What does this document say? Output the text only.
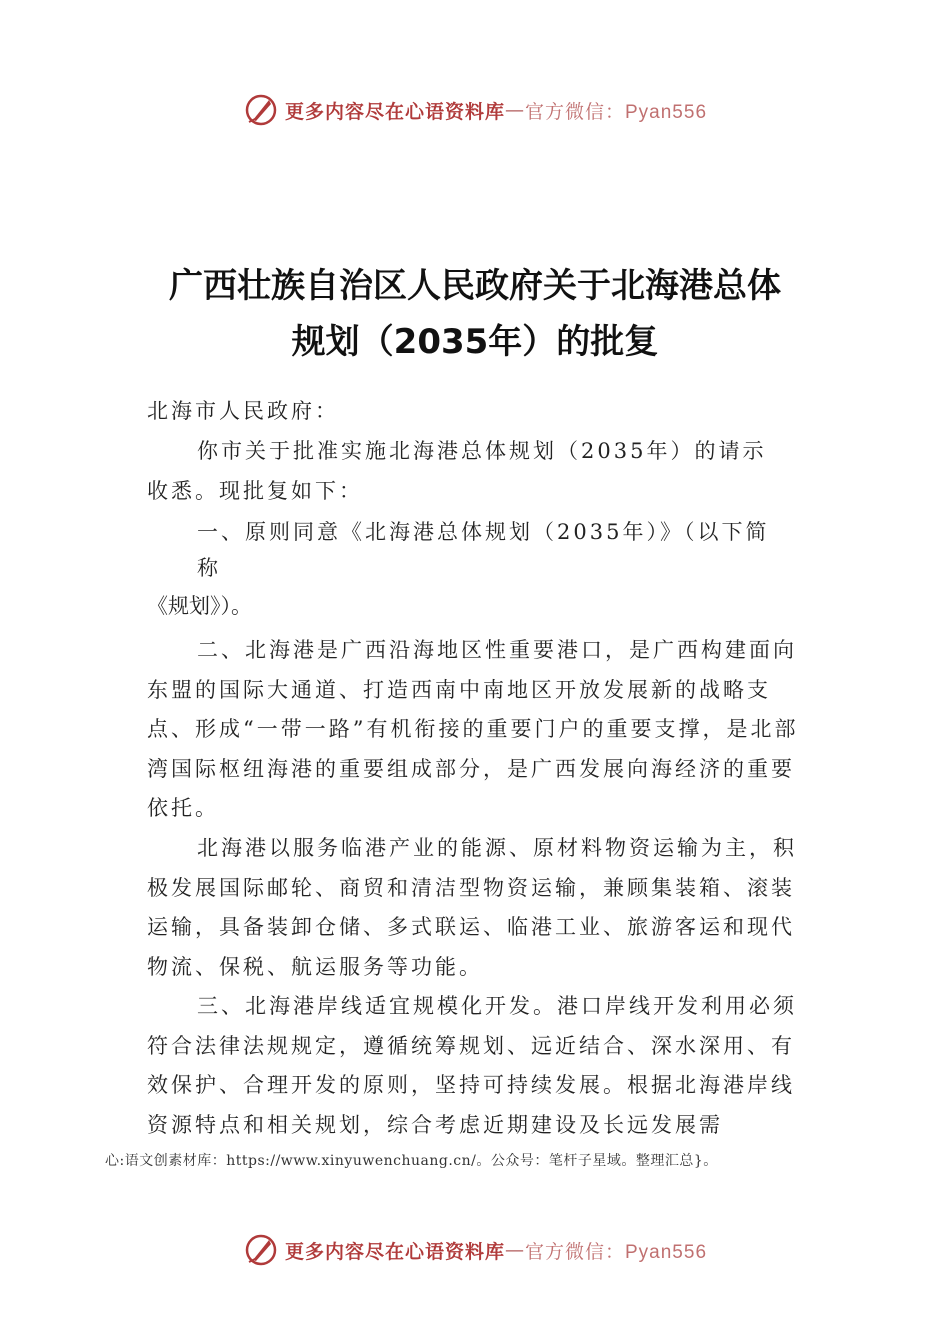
更多内容尽在心语资料库 — 官方微信：Pyan556
广西壮族自治区人民政府关于北海港总体
规划（2035年）的批复

北海市人民政府：

你市关于批准实施北海港总体规划（2035年）的请示

收悉。现批复如下：

一、原则同意《北海港总体规划（2035年）》（以下简

称

《规划》）。

二、北海港是广西沿海地区性重要港口，是广西构建面向东盟的国际大通道、打造西南中南地区开放发展新的战略支点、形成“一带一路”有机衔接的重要门户的重要支撑，是北部湾国际枢纽海港的重要组成部分，是广西发展向海经济的重要依托。

北海港以服务临港产业的能源、原材料物资运输为主，积极发展国际邮轮、商贸和清洁型物资运输，兼顾集装箱、滚装运输，具备装卸仓储、多式联运、临港工业、旅游客运和现代物流、保税、航运服务等功能。

三、北海港岸线适宜规模化开发。港口岸线开发利用必须符合法律法规规定，遵循统筹规划、远近结合、深水深用、有效保护、合理开发的原则，坚持可持续发展。根据北海港岸线资源特点和相关规划，综合考虑近期建设及长远发展需

心:语文创素材库：https://www.xinyuwenchuang.cn/。公众号：笔杆子星域。整理汇总}。
更多内容尽在心语资料库 — 官方微信：Pyan556
